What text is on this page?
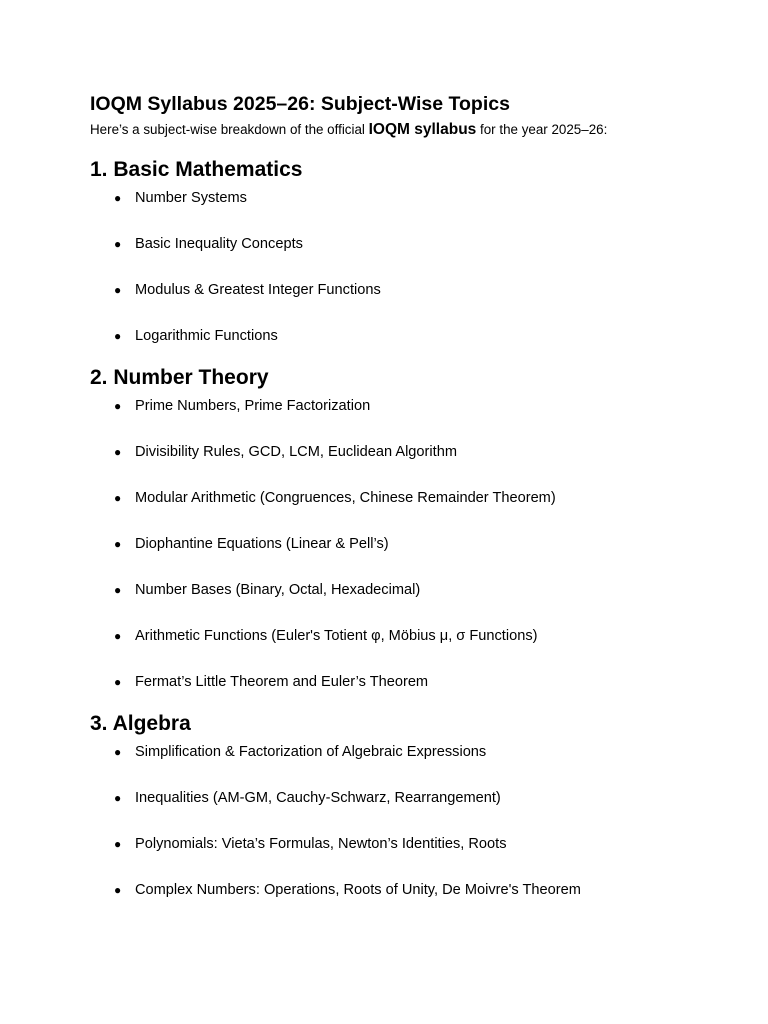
IOQM Syllabus 2025–26: Subject-Wise Topics

Here’s a subject-wise breakdown of the official IOQM syllabus for the year 2025–26:

1. Basic Mathematics
● Number Systems
● Basic Inequality Concepts
● Modulus & Greatest Integer Functions
● Logarithmic Functions
2. Number Theory
● Prime Numbers, Prime Factorization
● Divisibility Rules, GCD, LCM, Euclidean Algorithm
● Modular Arithmetic (Congruences, Chinese Remainder Theorem)
● Diophantine Equations (Linear & Pell’s)
● Number Bases (Binary, Octal, Hexadecimal)
● Arithmetic Functions (Euler's Totient φ, Möbius μ, σ Functions)
● Fermat’s Little Theorem and Euler’s Theorem
3. Algebra
● Simplification & Factorization of Algebraic Expressions
● Inequalities (AM-GM, Cauchy-Schwarz, Rearrangement)
● Polynomials: Vieta’s Formulas, Newton’s Identities, Roots
● Complex Numbers: Operations, Roots of Unity, De Moivre's Theorem
